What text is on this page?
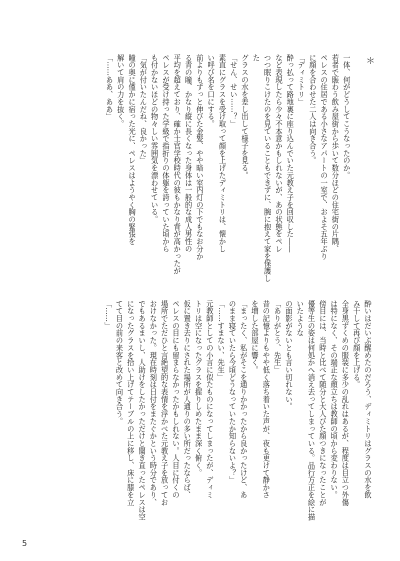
＊
一体、何がどうしてこうなったのか。
若者で賑わう飲み屋街から歩いて数分ほどの住宅街の片隅、
ペレスの住居である小さなアパートの一室で、およそ五年ぶり
に顔を合わせた二人は向き合う。
「ディミトリ」
酔っ払って路地裏に座り込んでいた元教え子を回収した――
など表現したら少々不本意かもしれないが、あの状態をペレ
つつ眠りこけたのを見ていることもできずに、腕に抱えて家を保護した
グラスの水を差し出して様子を見る。
「せん、せい……？」
素直にグラスを受け取って顔を上げたディミトリは、懐かし
い呼び名を口にする。
前よりもずっと伸びた金髪、やや暗い室内灯の下でもなお分か
る青の瞳、かなり縦に長くなった身体は一般的な成人男性の
平均を超えており、確か士官学校時代の彼もかなり背が高かったが
ペレスが受け持った学級で指折りの体躯を誇っていた頃から
も付かないほどの物々しい雰囲気を漂わせている。
「気が付いたんだね、良かった」
瞳の奥に僅かに宿った光に、ペレスはようやく胸の緊張を
解いて肩の力を抜く。
「……ああ、ああ」
酔いはだいぶ醒めたのだろう、ディミトリはグラスの水を飲
み干して再び顔を上げる。
全身黒ずくめの服装に多少の乱れはあるが、程度は目立つ外傷
は特になく、その端正な顔立ちは教師の頃から変わりない。
傍目には、当時と比べて随分と大人びた顔つきになったことが
優等生の姿は何処かへ消え去ってしまっている。品行方正を絵に描いたような
の面影がないとも言い切れない。
「ありがとう、先生」
昔の記憶よりもやや低く落ち着いた声が、夜も更けて静かさ
を増した部屋に響く。
「まったく、私がそこを通りかかったから良かったけど、あ
のまま寝ていたら今頃どうなっていたか知らないよ？」
「……すまない、先生」
元教師としての小言に似たものになってしまったが、ディミ
トリは空になったグラスを握りしめたまま深く俯く。
仮に置き去りにされた場所が人通りの多い所だったならば、
ペレスの目にも留まらなかったかもしれない。人目に付くの
場所でただひと言絶望的な表情を浮かべた元教え子を放ってお
おけなかった。現在時刻は日付をまたぐかという時分であり、
でもあるまいし、人助けをしたかっただけと聞き直ったペレスは空
になったグラスを拾い上げてテーブルの上に移し、床に膝を立
てて目の前の来客と改めて向き合う。
「……」
5
